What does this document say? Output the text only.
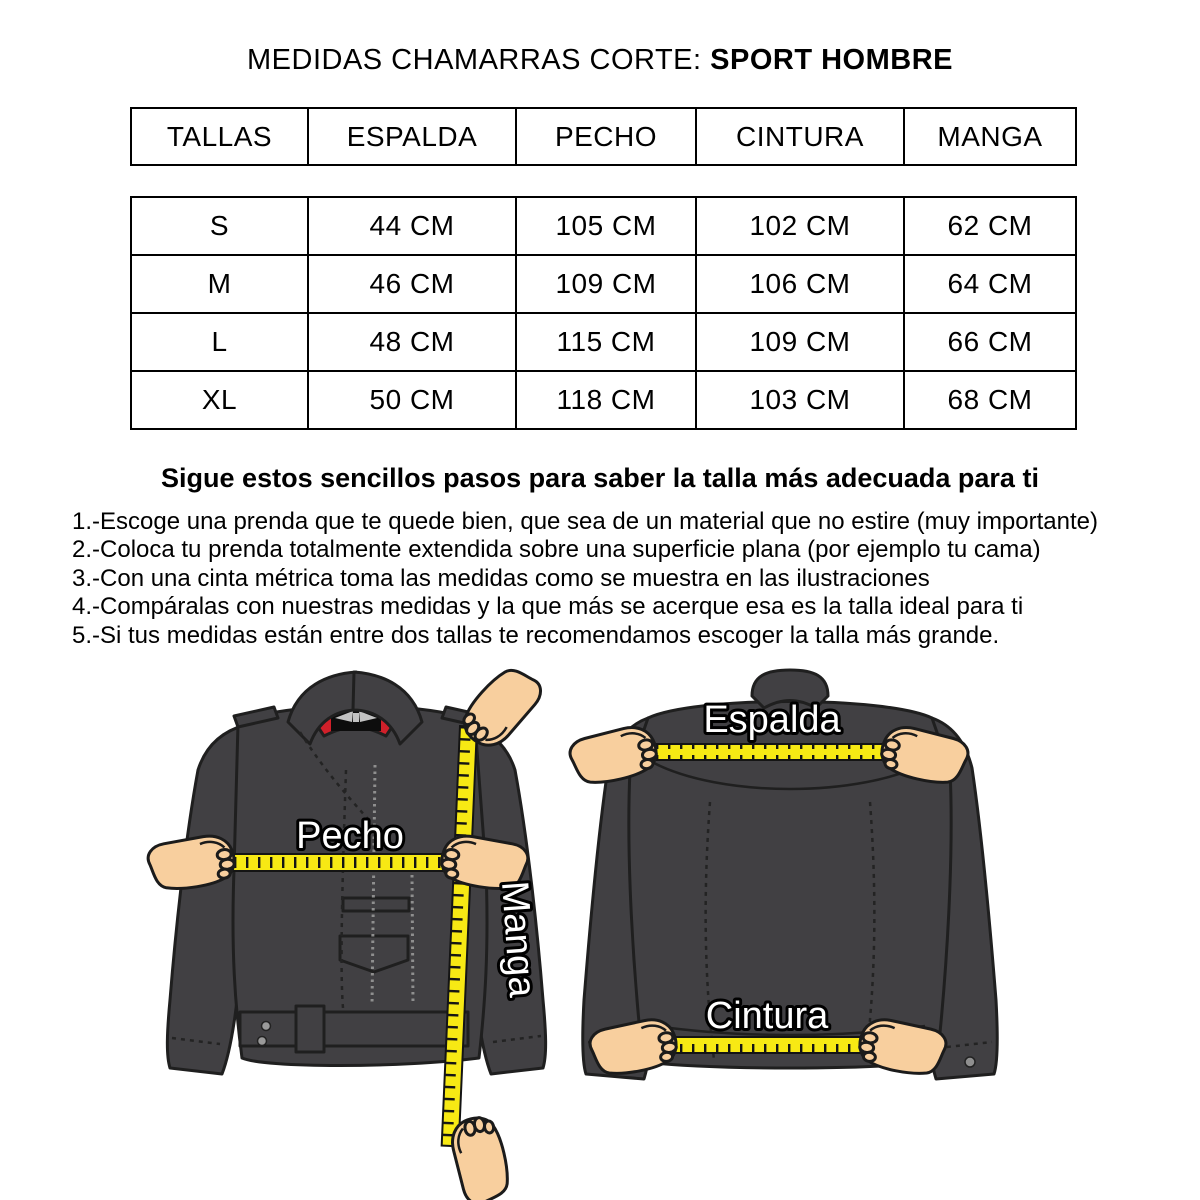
MEDIDAS CHAMARRAS CORTE: SPORT HOMBRE
TALLAS	ESPALDA	PECHO	CINTURA	MANGA
S	44 CM	105 CM	102 CM	62 CM
M	46 CM	109 CM	106 CM	64 CM
L	48 CM	115 CM	109 CM	66 CM
XL	50 CM	118 CM	103 CM	68 CM
Sigue estos sencillos pasos para saber la talla más adecuada para ti
1.-Escoge una prenda que te quede bien, que sea de un material que no estire (muy importante)
2.-Coloca tu prenda totalmente extendida sobre una superficie plana (por ejemplo tu cama)
3.-Con una cinta métrica toma las medidas como se muestra en las ilustraciones
4.-Compáralas con nuestras medidas y la que más se acerque esa es la talla ideal para ti
5.-Si tus medidas están entre dos tallas te recomendamos escoger la talla más grande.
Pecho
Manga
Espalda
Cintura
